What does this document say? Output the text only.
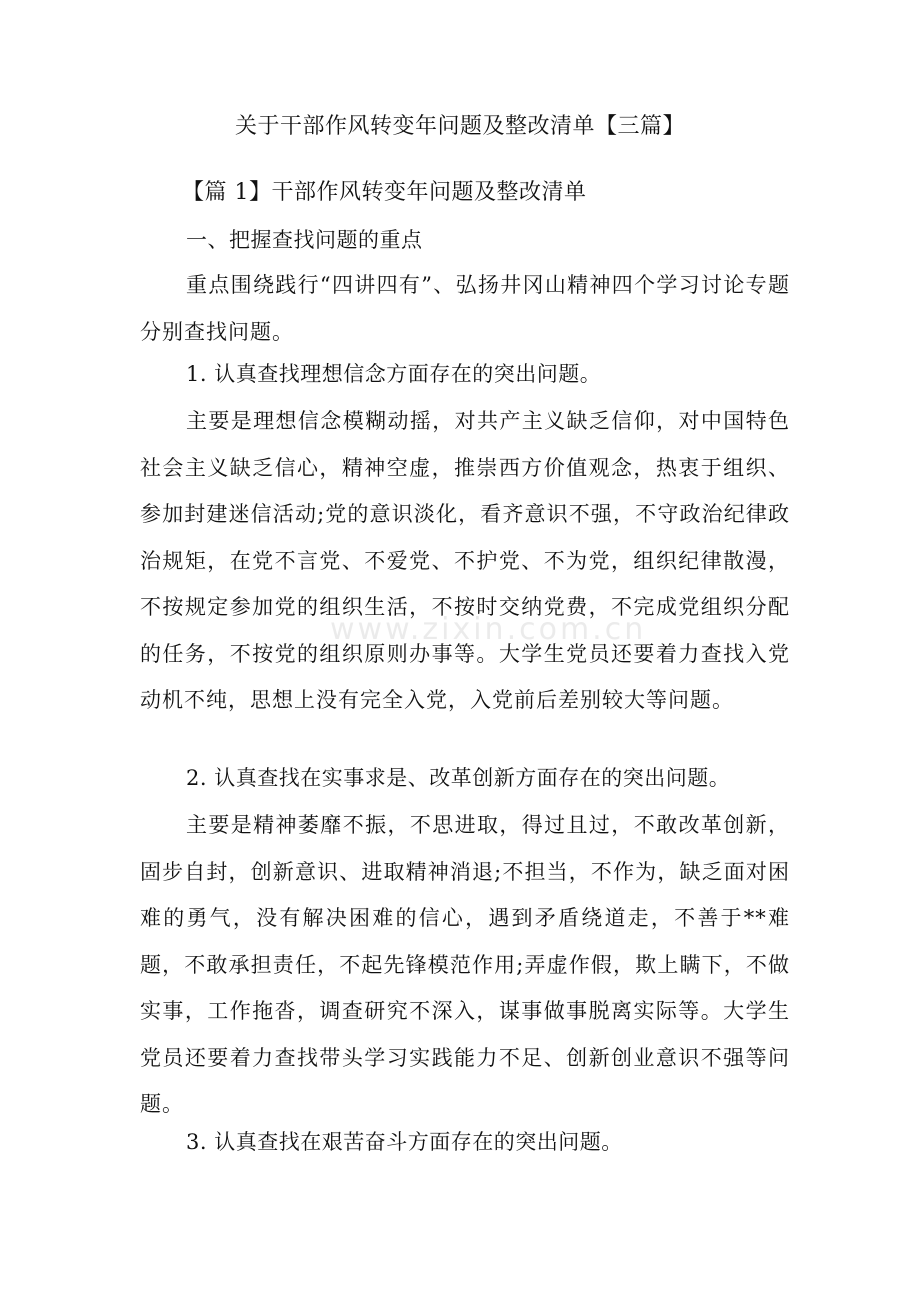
www.zixin.com.cn
关于干部作风转变年问题及整改清单【三篇】
【篇 1】干部作风转变年问题及整改清单
一、把握查找问题的重点
重点围绕践行“四讲四有”、弘扬井冈山精神四个学习讨论专题分别查找问题。
1. 认真查找理想信念方面存在的突出问题。
主要是理想信念模糊动摇，对共产主义缺乏信仰，对中国特色社会主义缺乏信心，精神空虚，推崇西方价值观念，热衷于组织、参加封建迷信活动;党的意识淡化，看齐意识不强，不守政治纪律政治规矩，在党不言党、不爱党、不护党、不为党，组织纪律散漫，不按规定参加党的组织生活，不按时交纳党费，不完成党组织分配的任务，不按党的组织原则办事等。大学生党员还要着力查找入党动机不纯，思想上没有完全入党，入党前后差别较大等问题。
2. 认真查找在实事求是、改革创新方面存在的突出问题。
主要是精神萎靡不振，不思进取，得过且过，不敢改革创新，固步自封，创新意识、进取精神消退;不担当，不作为，缺乏面对困难的勇气，没有解决困难的信心，遇到矛盾绕道走，不善于**难题，不敢承担责任，不起先锋模范作用;弄虚作假，欺上瞒下，不做实事，工作拖沓，调查研究不深入，谋事做事脱离实际等。大学生党员还要着力查找带头学习实践能力不足、创新创业意识不强等问题。
3. 认真查找在艰苦奋斗方面存在的突出问题。
